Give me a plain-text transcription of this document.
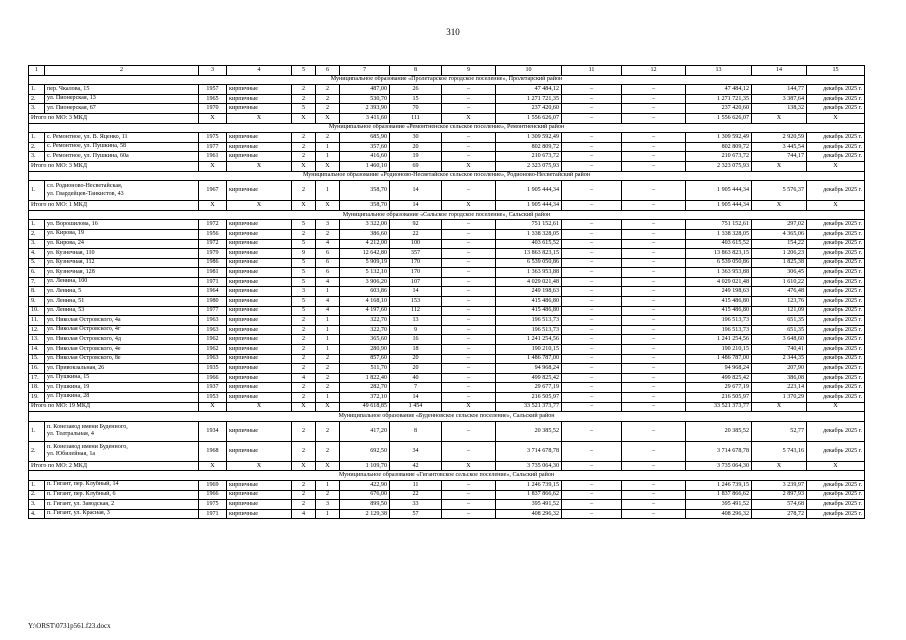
310
1	2	3	4	5	6	7	8	9	10	11	12	13	14	15
Муниципальное образование «Пролетарское городское поселение», Пролетарский район														
1.	пер. Чкалова, 15	1957	кирпичные	2	2	487,00	26	–	47 484,12	–	–	47 484,12	144,77	декабрь 2025 г.
2.	ул. Пионерская, 13	1965	кирпичные	2	2	530,70	15	–	1 271 721,35	–	–	1 271 721,35	3 387,64	декабрь 2025 г.
3.	ул. Пионерская, 67	1970	кирпичные	5	2	2 393,90	70	–	237 420,60	–	–	237 420,60	138,32	декабрь 2025 г.
Итого по МО: 3 МКД		X	X	X	X	3 411,60	111	X	1 556 626,07	–	–	1 556 626,07	X	X
Муниципальное образование «Ремонтненское сельское поселение», Ремонтненский район														
1.	с. Ремонтное, ул. В. Яценко, 11	1975	кирпичные	2	2	685,90	30	–	1 309 592,49	–	–	1 309 592,49	2 920,59	декабрь 2025 г.
2.	с. Ремонтное, ул. Пушкина, 58	1977	кирпичные	2	1	357,60	20	–	802 809,72	–	–	802 809,72	3 445,54	декабрь 2025 г.
3.	с. Ремонтное, ул. Пушкина, 60а	1961	кирпичные	2	1	416,60	19	–	210 673,72	–	–	210 673,72	744,17	декабрь 2025 г.
Итого по МО: 3 МКД		X	X	X	X	1 460,10	69	X	2 323 075,93	–	–	2 323 075,93	X	X
Муниципальное образование «Родионово-Несветайское сельское поселение», Родионово-Несветайский район														
1.	сл. Родионово-Несветайская,
ул. Гвардейцев-Танкистов, 43	1967	кирпичные	2	1	358,70	14	–	1 905 444,34	–	–	1 905 444,34	5 576,37	декабрь 2025 г.
Итого по МО: 1 МКД		X	X	X	X	358,70	14	X	1 905 444,34	–	–	1 905 444,34	X	X
Муниципальное образование «Сальское городское поселение», Сальский район														
1.	ул. Ворошилова, 16	1972	кирпичные	5	3	3 322,00	92	–	751 152,61	–	–	751 152,61	297,02	декабрь 2025 г.
2.	ул. Кирова, 19	1956	кирпичные	2	2	386,60	22	–	1 338 328,05	–	–	1 338 328,05	4 365,06	декабрь 2025 г.
3.	ул. Кирова, 24	1972	кирпичные	5	4	4 212,00	100	–	403 615,52	–	–	403 615,52	154,22	декабрь 2025 г.
4.	ул. Кузнечная, 110	1979	кирпичные	9	6	12 642,80	357	–	13 863 823,15	–	–	13 863 823,15	1 206,23	декабрь 2025 г.
5.	ул. Кузнечная, 112	1986	кирпичные	5	6	5 909,19	170	–	6 539 050,86	–	–	6 539 050,86	1 825,38	декабрь 2025 г.
6.	ул. Кузнечная, 128	1981	кирпичные	5	6	5 132,10	170	–	1 363 953,88	–	–	1 363 953,88	306,45	декабрь 2025 г.
7.	ул. Ленина, 100	1971	кирпичные	5	4	3 906,20	107	–	4 029 021,48	–	–	4 029 021,48	1 610,22	декабрь 2025 г.
8.	ул. Ленина, 5	1964	кирпичные	3	1	603,86	14	–	249 198,63	–	–	249 198,63	476,48	декабрь 2025 г.
9.	ул. Ленина, 51	1980	кирпичные	5	4	4 168,10	153	–	415 486,80	–	–	415 486,80	123,76	декабрь 2025 г.
10.	ул. Ленина, 53	1977	кирпичные	5	4	4 197,60	112	–	415 486,80	–	–	415 486,80	121,09	декабрь 2025 г.
11.	ул. Николая Островского, 4а	1963	кирпичные	2	1	322,70	13	–	196 513,73	–	–	196 513,73	651,35	декабрь 2025 г.
12.	ул. Николая Островского, 4г	1963	кирпичные	2	1	322,70	9	–	196 513,73	–	–	196 513,73	651,35	декабрь 2025 г.
13.	ул. Николая Островского, 4д	1962	кирпичные	2	1	365,60	16	–	1 241 254,56	–	–	1 241 254,56	3 648,60	декабрь 2025 г.
14.	ул. Николая Островского, 4е	1962	кирпичные	2	1	280,90	18	–	190 210,15	–	–	190 210,15	740,41	декабрь 2025 г.
15.	ул. Николая Островского, 8е	1963	кирпичные	2	2	857,60	20	–	1 486 787,00	–	–	1 486 787,00	2 344,35	декабрь 2025 г.
16.	ул. Привокзальная, 26	1935	кирпичные	2	2	511,70	20	–	94 968,24	–	–	94 968,24	207,90	декабрь 2025 г.
17.	ул. Пушкина, 15	1966	кирпичные	4	2	1 822,40	40	–	499 825,42	–	–	499 825,42	386,08	декабрь 2025 г.
18.	ул. Пушкина, 19	1937	кирпичные	2	2	282,70	7	–	29 677,19	–	–	29 677,19	223,14	декабрь 2025 г.
19.	ул. Пушкина, 28	1953	кирпичные	2	1	372,10	14	–	216 505,97	–	–	216 505,97	1 370,29	декабрь 2025 г.
Итого по МО: 19 МКД		X	X	X	X	49 618,85	1 454	X	33 521 373,77	–	–	33 521 373,77	X	X
Муниципальное образование «Буденновское сельское поселение», Сальский район														
1.	п. Конезавод имени Буденного,
ул. Театральная, 4	1934	кирпичные	2	2	417,20	8	–	20 385,52	–	–	20 385,52	52,77	декабрь 2025 г.
2.	п. Конезавод имени Буденного,
ул. Юбилейная, 1а	1968	кирпичные	2	2	692,50	34	–	3 714 678,78	–	–	3 714 678,78	5 743,16	декабрь 2025 г.
Итого по МО: 2 МКД		X	X	X	X	1 109,70	42	X	3 735 064,30	–	–	3 735 064,30	X	X
Муниципальное образование «Гигантовское сельское поселение», Сальский район														
1.	п. Гигант, пер. Клубный, 14	1969	кирпичные	2	1	422,90	11	–	1 246 739,15	–	–	1 246 739,15	3 239,97	декабрь 2025 г.
2.	п. Гигант, пер. Клубный, 6	1966	кирпичные	2	2	676,00	22	–	1 837 866,62	–	–	1 837 866,62	2 897,93	декабрь 2025 г.
3.	п. Гигант, ул. Заводская, 2	1975	кирпичные	2	3	899,50	33	–	395 491,52	–	–	395 491,52	574,68	декабрь 2025 г.
4.	п. Гигант, ул. Красная, 3	1971	кирпичные	4	1	2 129,38	57	–	408 296,32	–	–	408 296,32	278,72	декабрь 2025 г.
Y:\ORST\0731p561.f23.docx
